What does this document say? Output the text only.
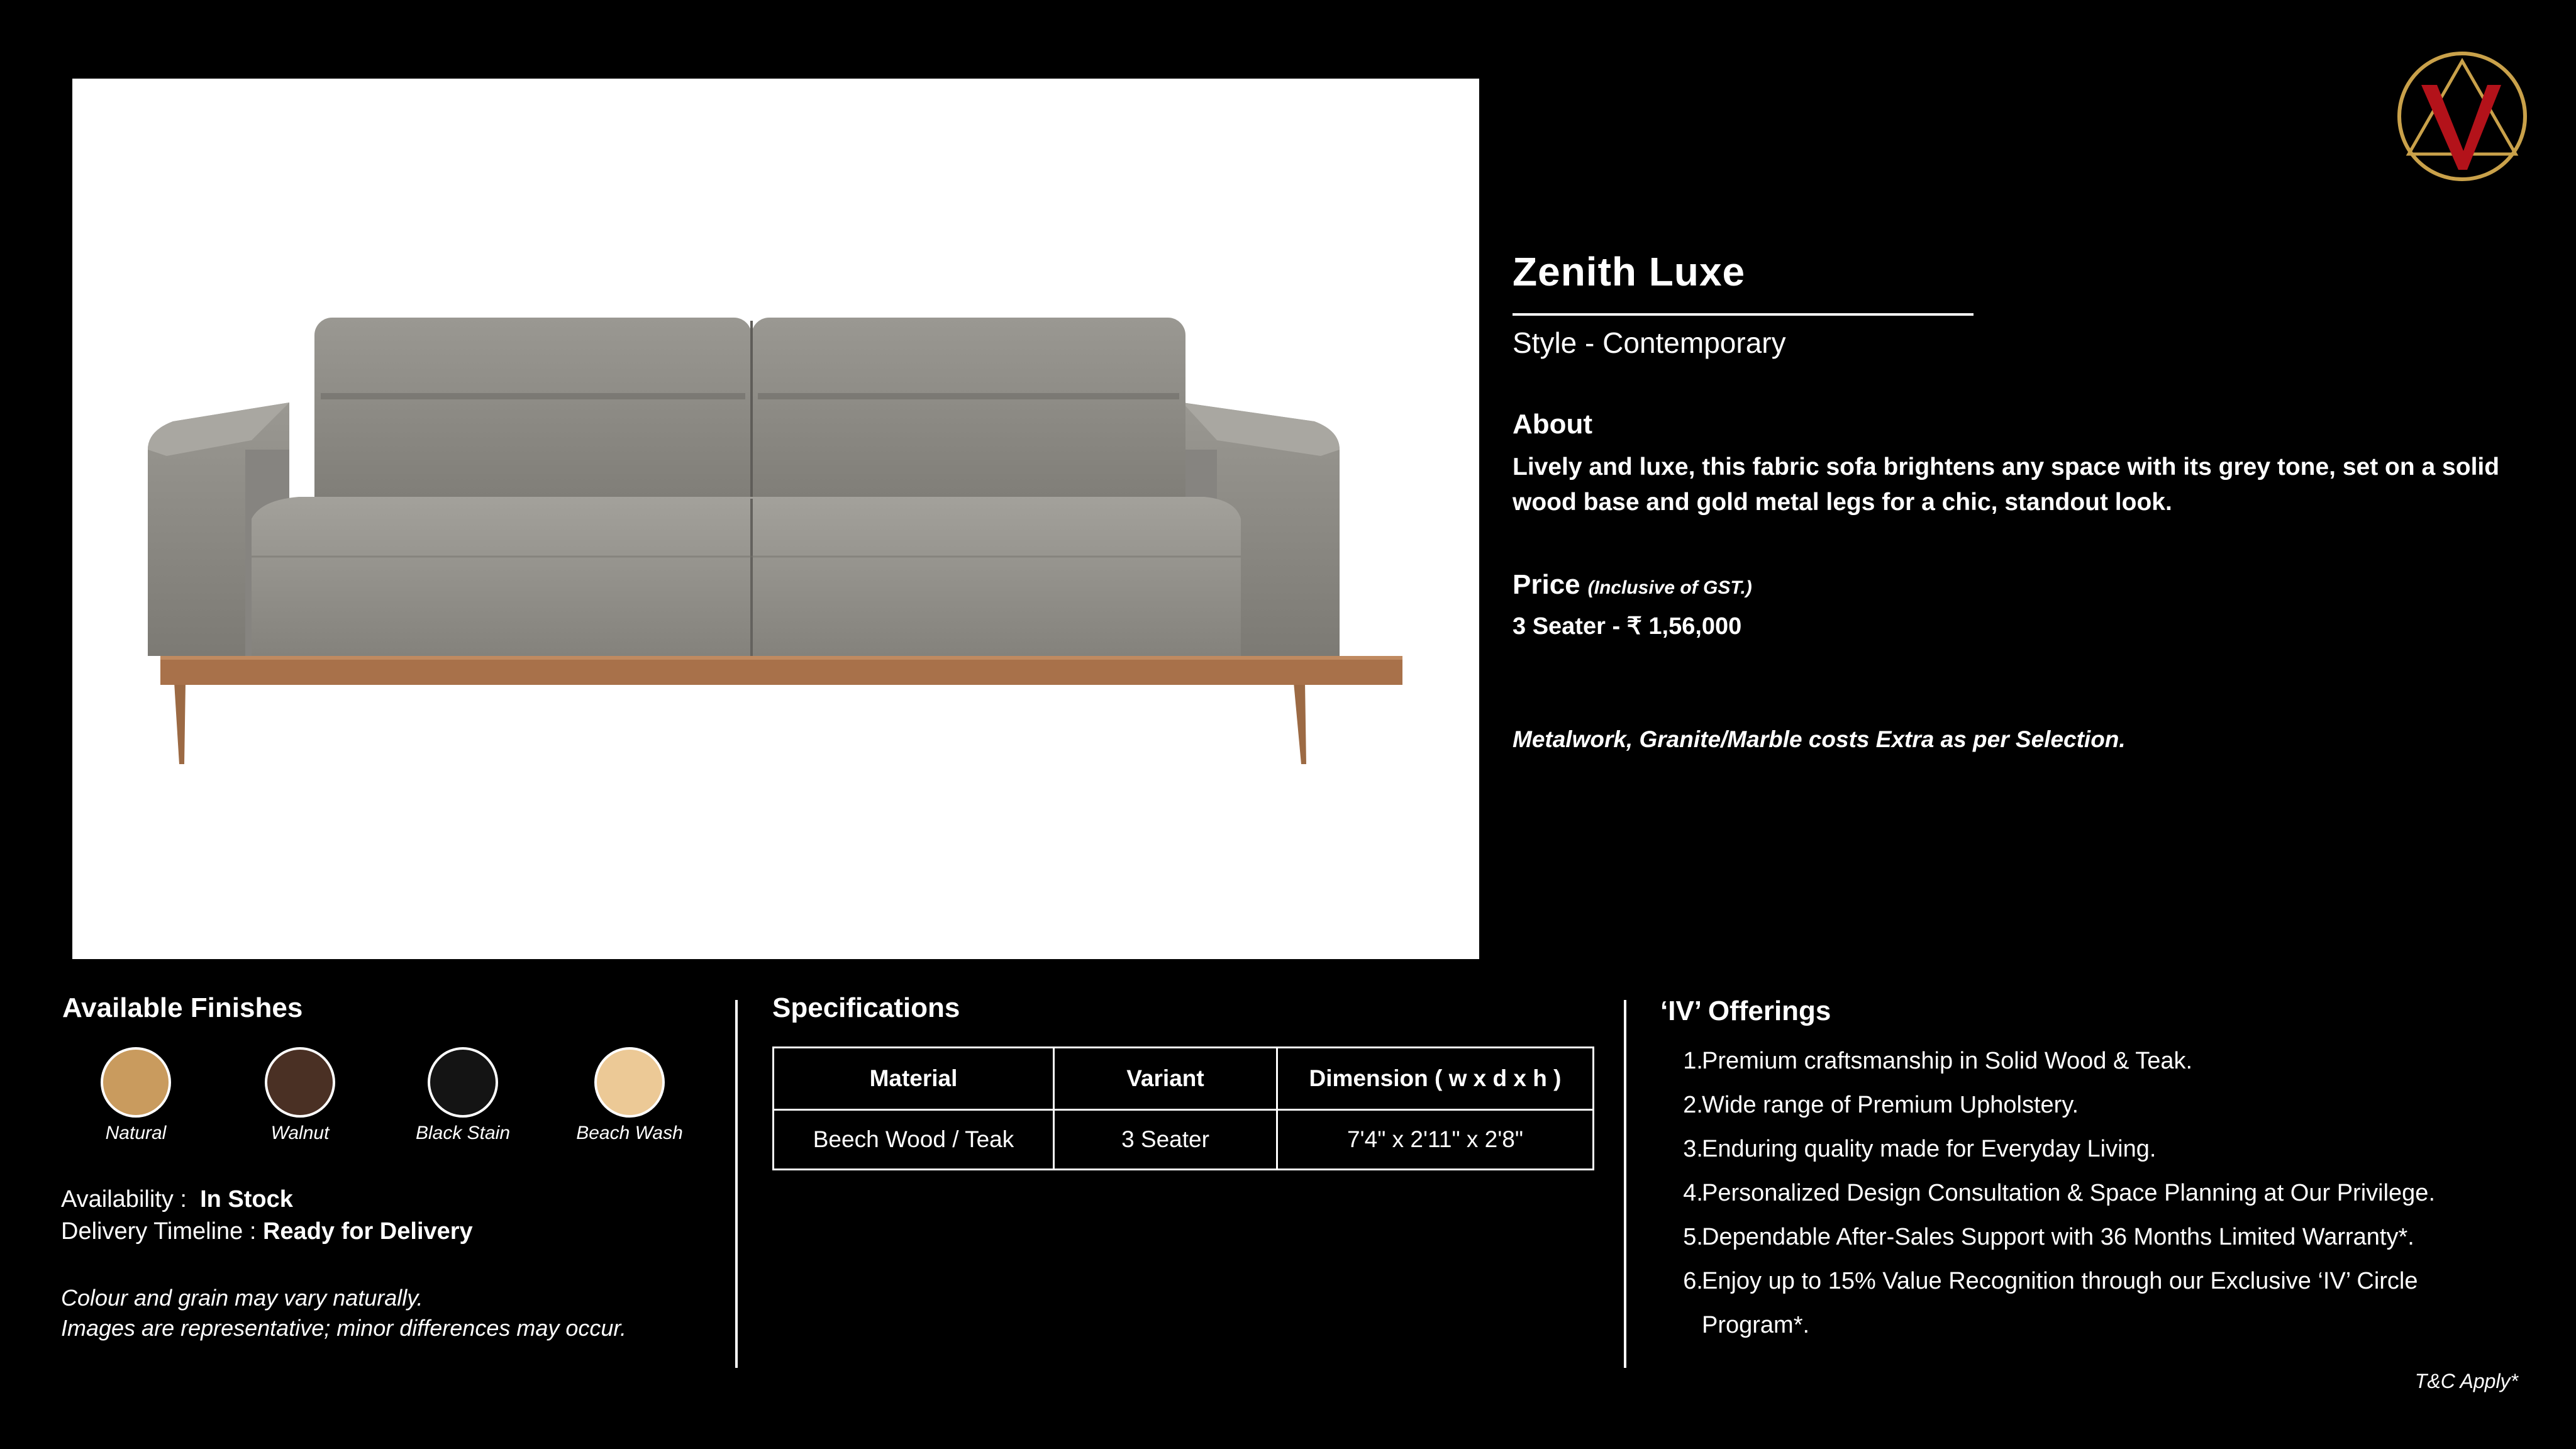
Zenith Luxe
Style - Contemporary
About
Lively and luxe, this fabric sofa brightens any space with its grey tone, set on a solid wood base and gold metal legs for a chic, standout look.
Price (Inclusive of GST.)
3 Seater - ₹ 1,56,000
Metalwork, Granite/Marble costs Extra as per Selection.
Available Finishes
Natural	Walnut	Black Stain	Beach Wash
Availability : In Stock
Delivery Timeline : Ready for Delivery
Colour and grain may vary naturally.
Images are representative; minor differences may occur.
Specifications
Material	Variant	Dimension ( w x d x h )
Beech Wood / Teak	3 Seater	7'4" x 2'11" x 2'8"
‘IV’ Offerings
1.
Premium craftsmanship in Solid Wood & Teak.
2.
Wide range of Premium Upholstery.
3.
Enduring quality made for Everyday Living.
4.
Personalized Design Consultation & Space Planning at Our Privilege.
5.
Dependable After-Sales Support with 36 Months Limited Warranty*.
6.
Enjoy up to 15% Value Recognition through our Exclusive ‘IV’ Circle
Program*.
T&C Apply*
